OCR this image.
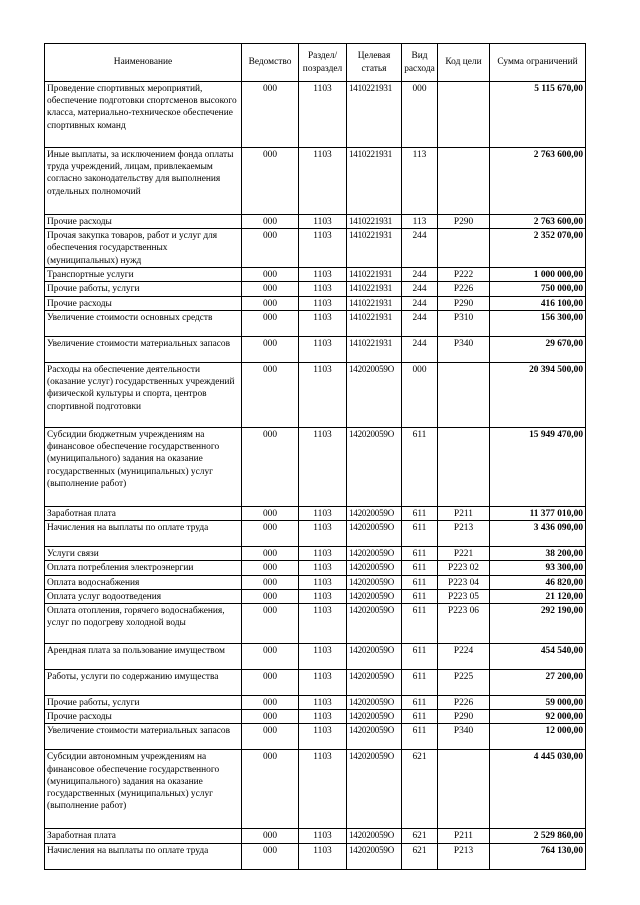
Наименование	Ведомство	Раздел/ позраздел	Целевая статья	Вид расхода	Код цели	Сумма ограничений
Проведение спортивных мероприятий, обеспечение подготовки спортсменов высокого класса, материально-техническое обеспечение спортивных команд	000	1103	1410221931	000		5 115 670,00
Иные выплаты, за исключением фонда оплаты труда учреждений, лицам, привлекаемым согласно законодательству для выполнения отдельных полномочий	000	1103	1410221931	113		2 763 600,00
Прочие расходы	000	1103	1410221931	113	P290	2 763 600,00
Прочая закупка товаров, работ и услуг для обеспечения государственных (муниципальных) нужд	000	1103	1410221931	244		2 352 070,00
Транспортные услуги	000	1103	1410221931	244	P222	1 000 000,00
Прочие работы, услуги	000	1103	1410221931	244	P226	750 000,00
Прочие расходы	000	1103	1410221931	244	P290	416 100,00
Увеличение стоимости основных средств	000	1103	1410221931	244	P310	156 300,00
Увеличение стоимости материальных запасов	000	1103	1410221931	244	P340	29 670,00
Расходы на обеспечение деятельности (оказание услуг) государственных учреждений физической культуры и спорта, центров спортивной подготовки	000	1103	142020059O	000		20 394 500,00
Субсидии бюджетным учреждениям на финансовое обеспечение государственного (муниципального) задания на оказание государственных (муниципальных) услуг (выполнение работ)	000	1103	142020059O	611		15 949 470,00
Заработная плата	000	1103	142020059O	611	P211	11 377 010,00
Начисления на выплаты по оплате труда	000	1103	142020059O	611	P213	3 436 090,00
Услуги связи	000	1103	142020059O	611	P221	38 200,00
Оплата потребления электроэнергии	000	1103	142020059O	611	P223 02	93 300,00
Оплата водоснабжения	000	1103	142020059O	611	P223 04	46 820,00
Оплата услуг водоотведения	000	1103	142020059O	611	P223 05	21 120,00
Оплата отопления, горячего водоснабжения, услуг по подогреву холодной воды	000	1103	142020059O	611	P223 06	292 190,00
Арендная плата за пользование имуществом	000	1103	142020059O	611	P224	454 540,00
Работы, услуги по содержанию имущества	000	1103	142020059O	611	P225	27 200,00
Прочие работы, услуги	000	1103	142020059O	611	P226	59 000,00
Прочие расходы	000	1103	142020059O	611	P290	92 000,00
Увеличение стоимости материальных запасов	000	1103	142020059O	611	P340	12 000,00
Субсидии автономным учреждениям на финансовое обеспечение государственного (муниципального) задания на оказание государственных (муниципальных) услуг (выполнение работ)	000	1103	142020059O	621		4 445 030,00
Заработная плата	000	1103	142020059O	621	P211	2 529 860,00
Начисления на выплаты по оплате труда	000	1103	142020059O	621	P213	764 130,00
